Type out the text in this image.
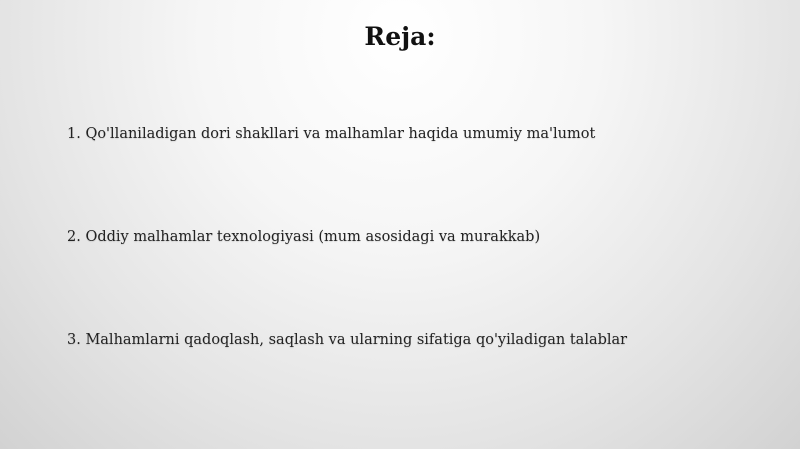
Reja:
1. Qo'llaniladigan dori shakllari va malhamlar haqida umumiy ma'lumot
2. Oddiy malhamlar texnologiyasi (mum asosidagi va murakkab)
3. Malhamlarni qadoqlash, saqlash va ularning sifatiga qo'yiladigan talablar
